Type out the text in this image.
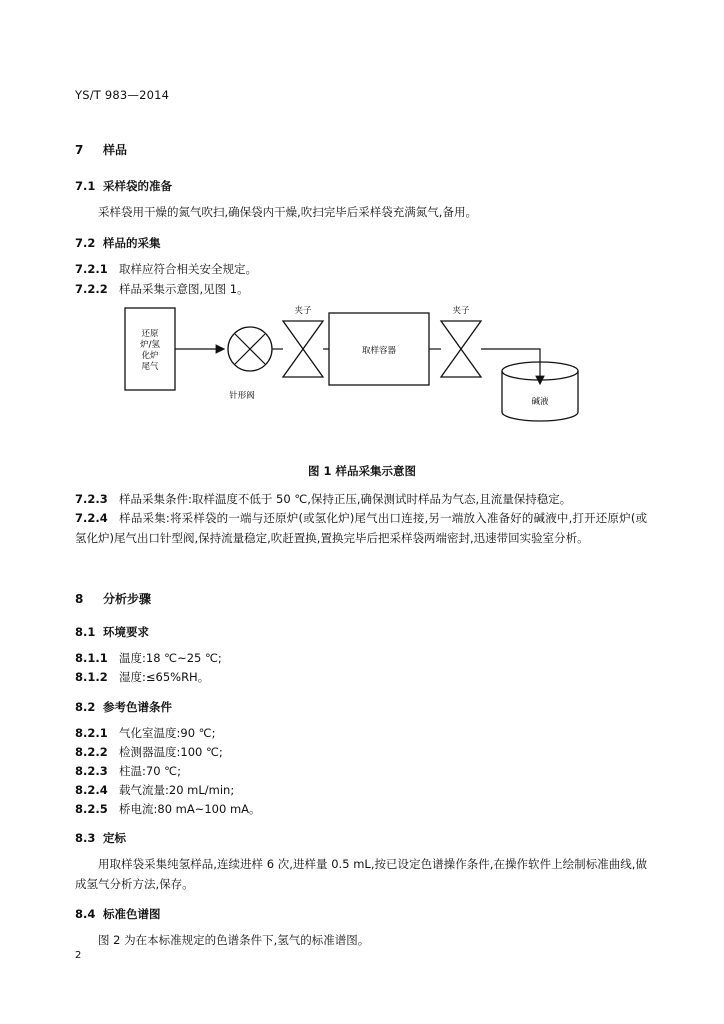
YS/T 983—2014
7 样品
7.1 采样袋的准备
采样袋用干燥的氮气吹扫,确保袋内干燥,吹扫完毕后采样袋充满氮气,备用。
7.2 样品的采集
7.2.1 取样应符合相关安全规定。
7.2.2 样品采集示意图,见图 1。
还原
炉/氢
化炉
尾气
针形阀
夹子
取样容器
夹子
碱液
图 1 样品采集示意图
7.2.3 样品采集条件:取样温度不低于 50 ℃,保持正压,确保测试时样品为气态,且流量保持稳定。
7.2.4 样品采集:将采样袋的一端与还原炉(或氢化炉)尾气出口连接,另一端放入准备好的碱液中,打开还原炉(或氢化炉)尾气出口针型阀,保持流量稳定,吹赶置换,置换完毕后把采样袋两端密封,迅速带回实验室分析。
8 分析步骤
8.1 环境要求
8.1.1 温度:18 ℃~25 ℃;
8.1.2 湿度:≤65%RH。
8.2 参考色谱条件
8.2.1 气化室温度:90 ℃;
8.2.2 检测器温度:100 ℃;
8.2.3 柱温:70 ℃;
8.2.4 载气流量:20 mL/min;
8.2.5 桥电流:80 mA~100 mA。
8.3 定标
用取样袋采集纯氢样品,连续进样 6 次,进样量 0.5 mL,按已设定色谱操作条件,在操作软件上绘制标准曲线,做成氢气分析方法,保存。
8.4 标准色谱图
图 2 为在本标准规定的色谱条件下,氢气的标准谱图。
2
